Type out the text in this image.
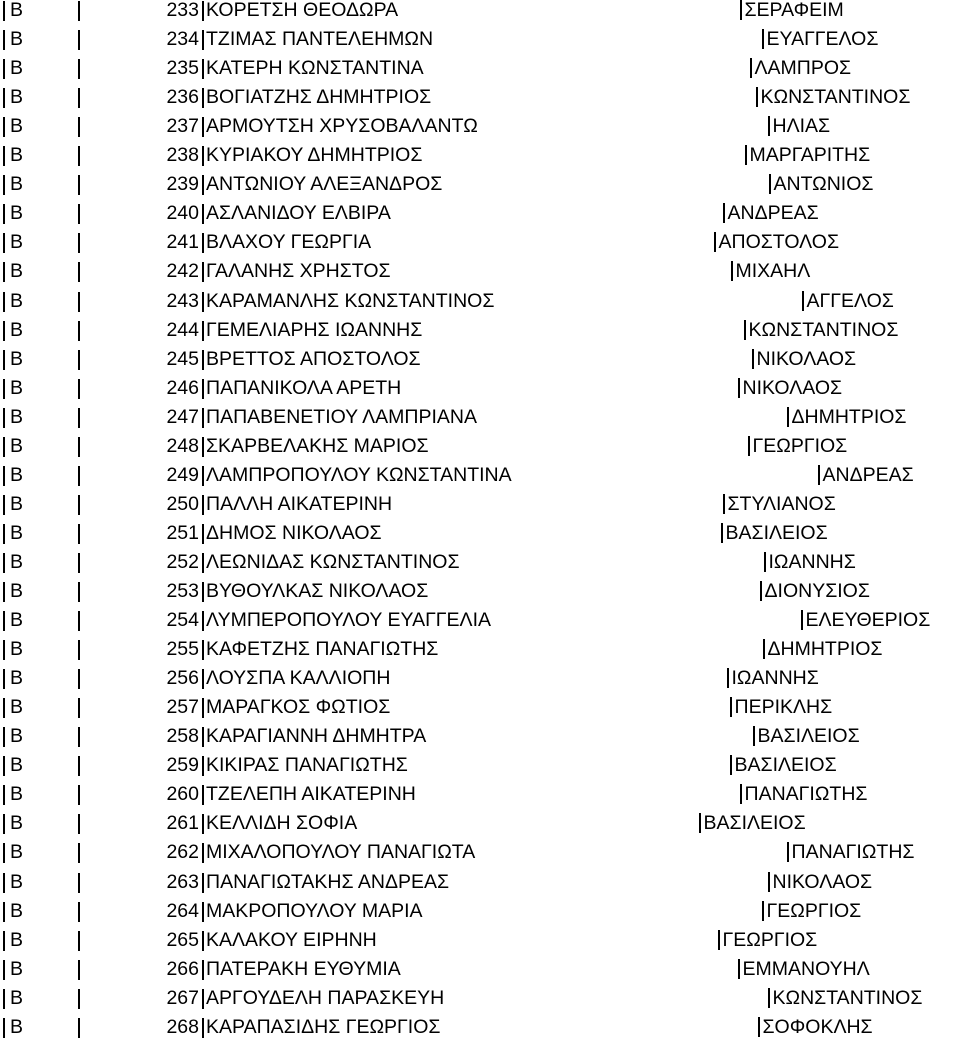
Β	233 ΚΟΡΕΤΣΗ ΘΕΟΔΩΡΑ	ΣΕΡΑΦΕΙΜ
Β	234 ΤΖΙΜΑΣ ΠΑΝΤΕΛΕΗΜΩΝ	ΕΥΑΓΓΕΛΟΣ
Β	235 ΚΑΤΕΡΗ ΚΩΝΣΤΑΝΤΙΝΑ	ΛΑΜΠΡΟΣ
Β	236 ΒΟΓΙΑΤΖΗΣ ΔΗΜΗΤΡΙΟΣ	ΚΩΝΣΤΑΝΤΙΝΟΣ
Β	237 ΑΡΜΟΥΤΣΗ ΧΡΥΣΟΒΑΛΑΝΤΩ	ΗΛΙΑΣ
Β	238 ΚΥΡΙΑΚΟΥ ΔΗΜΗΤΡΙΟΣ	ΜΑΡΓΑΡΙΤΗΣ
Β	239 ΑΝΤΩΝΙΟΥ ΑΛΕΞΑΝΔΡΟΣ	ΑΝΤΩΝΙΟΣ
Β	240 ΑΣΛΑΝΙΔΟΥ ΕΛΒΙΡΑ	ΑΝΔΡΕΑΣ
Β	241 ΒΛΑΧΟΥ ΓΕΩΡΓΙΑ	ΑΠΟΣΤΟΛΟΣ
Β	242 ΓΑΛΑΝΗΣ ΧΡΗΣΤΟΣ	ΜΙΧΑΗΛ
Β	243 ΚΑΡΑΜΑΝΛΗΣ ΚΩΝΣΤΑΝΤΙΝΟΣ	ΑΓΓΕΛΟΣ
Β	244 ΓΕΜΕΛΙΑΡΗΣ ΙΩΑΝΝΗΣ	ΚΩΝΣΤΑΝΤΙΝΟΣ
Β	245 ΒΡΕΤΤΟΣ ΑΠΟΣΤΟΛΟΣ	ΝΙΚΟΛΑΟΣ
Β	246 ΠΑΠΑΝΙΚΟΛΑ ΑΡΕΤΗ	ΝΙΚΟΛΑΟΣ
Β	247 ΠΑΠΑΒΕΝΕΤΙΟΥ ΛΑΜΠΡΙΑΝΑ	ΔΗΜΗΤΡΙΟΣ
Β	248 ΣΚΑΡΒΕΛΑΚΗΣ ΜΑΡΙΟΣ	ΓΕΩΡΓΙΟΣ
Β	249 ΛΑΜΠΡΟΠΟΥΛΟΥ ΚΩΝΣΤΑΝΤΙΝΑ	ΑΝΔΡΕΑΣ
Β	250 ΠΑΛΛΗ ΑΙΚΑΤΕΡΙΝΗ	ΣΤΥΛΙΑΝΟΣ
Β	251 ΔΗΜΟΣ ΝΙΚΟΛΑΟΣ	ΒΑΣΙΛΕΙΟΣ
Β	252 ΛΕΩΝΙΔΑΣ ΚΩΝΣΤΑΝΤΙΝΟΣ	ΙΩΑΝΝΗΣ
Β	253 ΒΥΘΟΥΛΚΑΣ ΝΙΚΟΛΑΟΣ	ΔΙΟΝΥΣΙΟΣ
Β	254 ΛΥΜΠΕΡΟΠΟΥΛΟΥ ΕΥΑΓΓΕΛΙΑ	ΕΛΕΥΘΕΡΙΟΣ
Β	255 ΚΑΦΕΤΖΗΣ ΠΑΝΑΓΙΩΤΗΣ	ΔΗΜΗΤΡΙΟΣ
Β	256 ΛΟΥΣΠΑ ΚΑΛΛΙΟΠΗ	ΙΩΑΝΝΗΣ
Β	257 ΜΑΡΑΓΚΟΣ ΦΩΤΙΟΣ	ΠΕΡΙΚΛΗΣ
Β	258 ΚΑΡΑΓΙΑΝΝΗ ΔΗΜΗΤΡΑ	ΒΑΣΙΛΕΙΟΣ
Β	259 ΚΙΚΙΡΑΣ ΠΑΝΑΓΙΩΤΗΣ	ΒΑΣΙΛΕΙΟΣ
Β	260 ΤΖΕΛΕΠΗ ΑΙΚΑΤΕΡΙΝΗ	ΠΑΝΑΓΙΩΤΗΣ
Β	261 ΚΕΛΛΙΔΗ ΣΟΦΙΑ	ΒΑΣΙΛΕΙΟΣ
Β	262 ΜΙΧΑΛΟΠΟΥΛΟΥ ΠΑΝΑΓΙΩΤΑ	ΠΑΝΑΓΙΩΤΗΣ
Β	263 ΠΑΝΑΓΙΩΤΑΚΗΣ ΑΝΔΡΕΑΣ	ΝΙΚΟΛΑΟΣ
Β	264 ΜΑΚΡΟΠΟΥΛΟΥ ΜΑΡΙΑ	ΓΕΩΡΓΙΟΣ
Β	265 ΚΑΛΑΚΟΥ ΕΙΡΗΝΗ	ΓΕΩΡΓΙΟΣ
Β	266 ΠΑΤΕΡΑΚΗ ΕΥΘΥΜΙΑ	ΕΜΜΑΝΟΥΗΛ
Β	267 ΑΡΓΟΥΔΕΛΗ ΠΑΡΑΣΚΕΥΗ	ΚΩΝΣΤΑΝΤΙΝΟΣ
Β	268 ΚΑΡΑΠΑΣΙΔΗΣ ΓΕΩΡΓΙΟΣ	ΣΟΦΟΚΛΗΣ
